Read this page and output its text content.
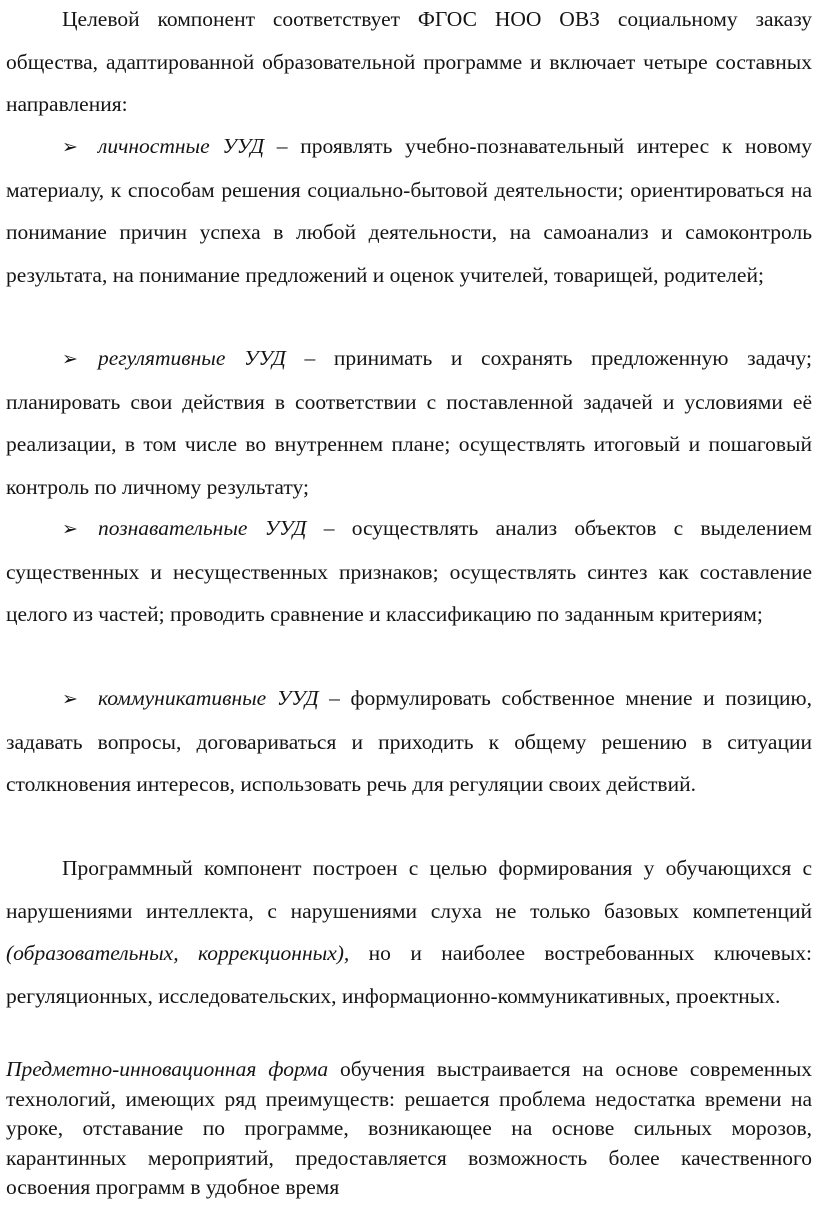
Целевой компонент соответствует ФГОС НОО ОВЗ социальному заказу общества, адаптированной образовательной программе и включает четыре составных направления:

➢ личностные УУД – проявлять учебно-познавательный интерес к новому материалу, к способам решения социально-бытовой деятельности; ориентироваться на понимание причин успеха в любой деятельности, на самоанализ и самоконтроль результата, на понимание предложений и оценок учителей, товарищей, родителей;

➢ регулятивные УУД – принимать и сохранять предложенную задачу; планировать свои действия в соответствии с поставленной задачей и условиями её реализации, в том числе во внутреннем плане; осуществлять итоговый и пошаговый контроль по личному результату;

➢ познавательные УУД – осуществлять анализ объектов с выделением существенных и несущественных признаков; осуществлять синтез как составление целого из частей; проводить сравнение и классификацию по заданным критериям;

➢ коммуникативные УУД – формулировать собственное мнение и позицию, задавать вопросы, договариваться и приходить к общему решению в ситуации столкновения интересов, использовать речь для регуляции своих действий.

Программный компонент построен с целью формирования у обучающихся с нарушениями интеллекта, с нарушениями слуха не только базовых компетенций (образовательных, коррекционных), но и наиболее востребованных ключевых: регуляционных, исследовательских, информационно-коммуникативных, проектных.

Предметно-инновационная форма обучения выстраивается на основе современных технологий, имеющих ряд преимуществ: решается проблема недостатка времени на уроке, отставание по программе, возникающее на основе сильных морозов, карантинных мероприятий, предоставляется возможность более качественного освоения программ в удобное время
